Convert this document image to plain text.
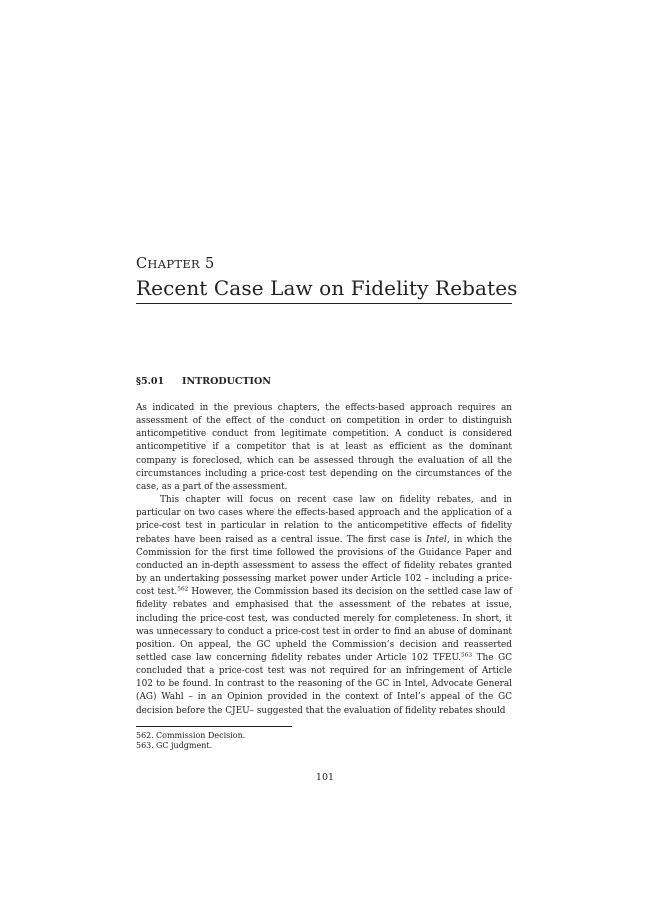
CHAPTER 5
Recent Case Law on Fidelity Rebates
§5.01 INTRODUCTION

As indicated in the previous chapters, the effects-based approach requires an assessment of the effect of the conduct on competition in order to distinguish anticompetitive conduct from legitimate competition. A conduct is considered anticompetitive if a competitor that is at least as efficient as the dominant company is foreclosed, which can be assessed through the evaluation of all the circumstances including a price-cost test depending on the circumstances of the case, as a part of the assessment.

This chapter will focus on recent case law on fidelity rebates, and in particular on two cases where the effects-based approach and the application of a price-cost test in particular in relation to the anticompetitive effects of fidelity rebates have been raised as a central issue. The first case is Intel, in which the Commission for the first time followed the provisions of the Guidance Paper and conducted an in-depth assessment to assess the effect of fidelity rebates granted by an undertaking possessing market power under Article 102 – including a price-cost test.$^{562}$ However, the Commission based its decision on the settled case law of fidelity rebates and emphasised that the assessment of the rebates at issue, including the price-cost test, was conducted merely for completeness. In short, it was unnecessary to conduct a price-cost test in order to find an abuse of dominant position. On appeal, the GC upheld the Commission’s decision and reasserted settled case law concerning fidelity rebates under Article 102 TFEU.$^{563}$ The GC concluded that a price-cost test was not required for an infringement of Article 102 to be found. In contrast to the reasoning of the GC in Intel, Advocate General (AG) Wahl – in an Opinion provided in the context of Intel’s appeal of the GC decision before the CJEU– suggested that the evaluation of fidelity rebates should

562. Commission Decision.
563. GC judgment.
101
